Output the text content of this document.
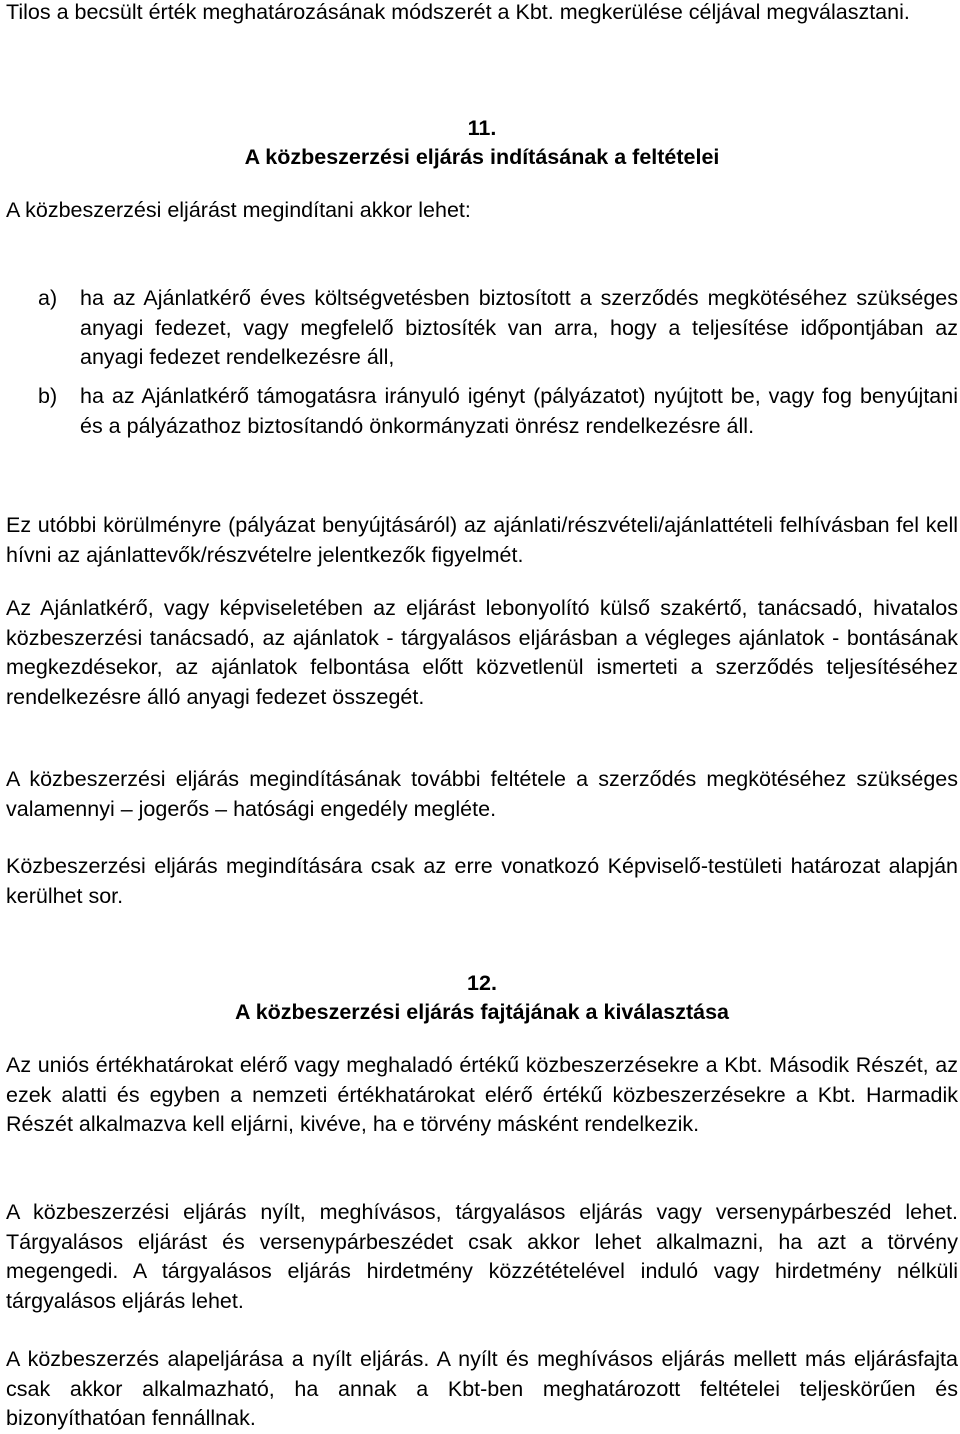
Tilos a becsült érték meghatározásának módszerét a Kbt. megkerülése céljával megválasztani.

11.
A közbeszerzési eljárás indításának a feltételei

A közbeszerzési eljárást megindítani akkor lehet:

a)	ha az Ajánlatkérő éves költségvetésben biztosított a szerződés megkötéséhez szükséges anyagi fedezet, vagy megfelelő biztosíték van arra, hogy a teljesítése időpontjában az anyagi fedezet rendelkezésre áll,
b)	ha az Ajánlatkérő támogatásra irányuló igényt (pályázatot) nyújtott be, vagy fog benyújtani és a pályázathoz biztosítandó önkormányzati önrész rendelkezésre áll.

Ez utóbbi körülményre (pályázat benyújtásáról) az ajánlati/részvételi/ajánlattételi felhívásban fel kell hívni az ajánlattevők/részvételre jelentkezők figyelmét.

Az Ajánlatkérő, vagy képviseletében az eljárást lebonyolító külső szakértő, tanácsadó, hivatalos közbeszerzési tanácsadó, az ajánlatok - tárgyalásos eljárásban a végleges ajánlatok - bontásának megkezdésekor, az ajánlatok felbontása előtt közvetlenül ismerteti a szerződés teljesítéséhez rendelkezésre álló anyagi fedezet összegét.

A közbeszerzési eljárás megindításának további feltétele a szerződés megkötéséhez szükséges valamennyi – jogerős – hatósági engedély megléte.

Közbeszerzési eljárás megindítására csak az erre vonatkozó Képviselő-testületi határozat alapján kerülhet sor.

12.
A közbeszerzési eljárás fajtájának a kiválasztása

Az uniós értékhatárokat elérő vagy meghaladó értékű közbeszerzésekre a Kbt. Második Részét, az ezek alatti és egyben a nemzeti értékhatárokat elérő értékű közbeszerzésekre a Kbt. Harmadik Részét alkalmazva kell eljárni, kivéve, ha e törvény másként rendelkezik.

A közbeszerzési eljárás nyílt, meghívásos, tárgyalásos eljárás vagy versenypárbeszéd lehet. Tárgyalásos eljárást és versenypárbeszédet csak akkor lehet alkalmazni, ha azt a törvény megengedi. A tárgyalásos eljárás hirdetmény közzétételével induló vagy hirdetmény nélküli tárgyalásos eljárás lehet.

A közbeszerzés alapeljárása a nyílt eljárás. A nyílt és meghívásos eljárás mellett más eljárásfajta csak akkor alkalmazható, ha annak a Kbt-ben meghatározott feltételei teljeskörűen és bizonyíthatóan fennállnak.
